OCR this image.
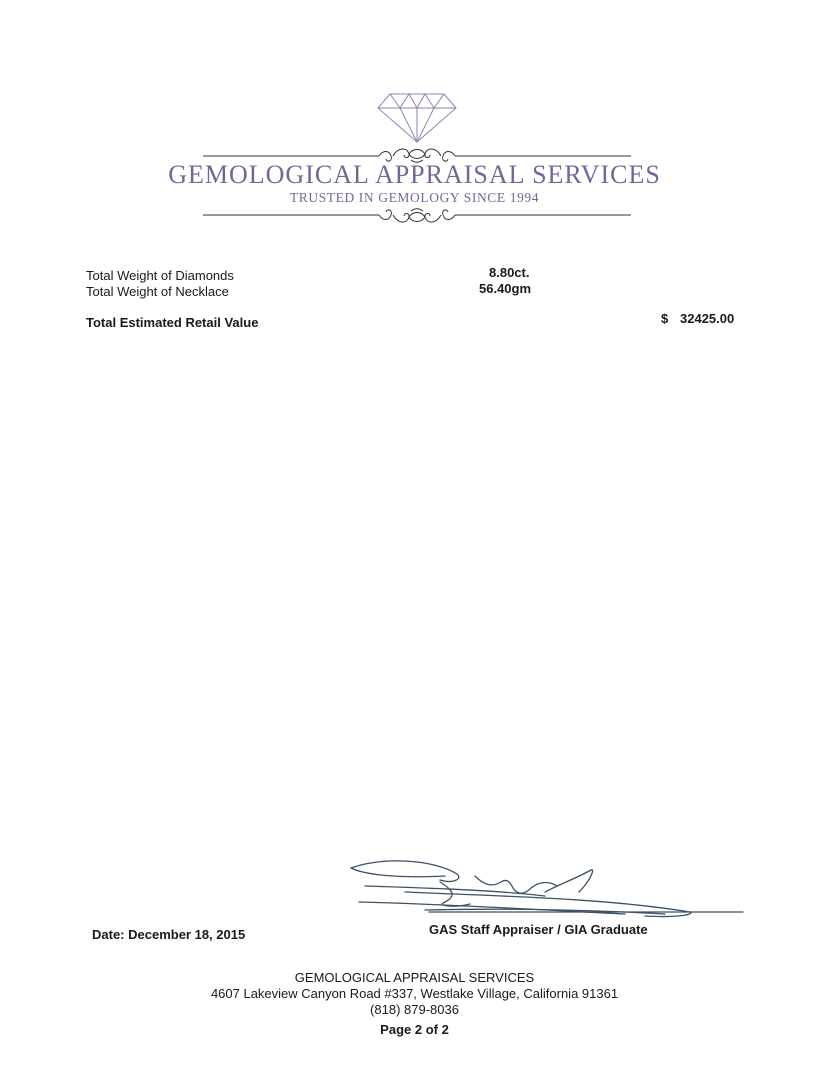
GEMOLOGICAL APPRAISAL SERVICES
TRUSTED IN GEMOLOGY SINCE 1994
Total Weight of Diamonds	8.80ct.
Total Weight of Necklace	56.40gm
Total Estimated Retail Value	$ 32425.00
Date: December 18, 2015	GAS Staff Appraiser / GIA Graduate
GEMOLOGICAL APPRAISAL SERVICES
4607 Lakeview Canyon Road #337, Westlake Village, California 91361
(818) 879-8036
Page 2 of 2
